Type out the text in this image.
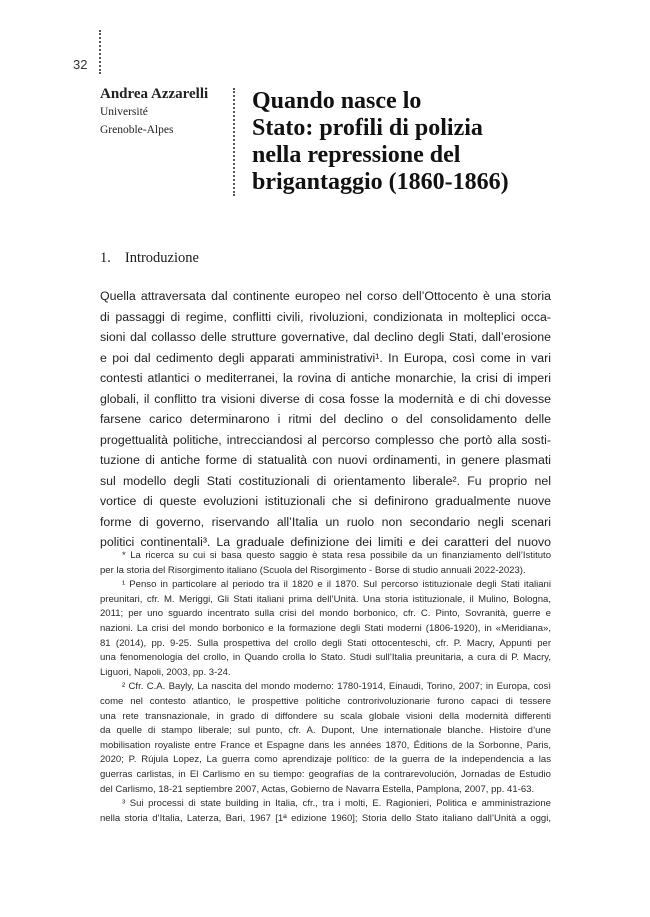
32
Andrea Azzarelli
Université
Grenoble-Alpes
Quando nasce lo
Stato: profili di polizia
nella repressione del
brigantaggio (1860-1866)
1. Introduzione
Quella attraversata dal continente europeo nel corso dell’Ottocento è una storia
di passaggi di regime, conflitti civili, rivoluzioni, condizionata in molteplici occa-
sioni dal collasso delle strutture governative, dal declino degli Stati, dall’erosione
e poi dal cedimento degli apparati amministrativi¹. In Europa, così come in vari
contesti atlantici o mediterranei, la rovina di antiche monarchie, la crisi di imperi
globali, il conflitto tra visioni diverse di cosa fosse la modernità e di chi dovesse
farsene carico determinarono i ritmi del declino o del consolidamento delle
progettualità politiche, intrecciandosi al percorso complesso che portò alla sosti-
tuzione di antiche forme di statualità con nuovi ordinamenti, in genere plasmati
sul modello degli Stati costituzionali di orientamento liberale². Fu proprio nel
vortice di queste evoluzioni istituzionali che si definirono gradualmente nuove
forme di governo, riservando all’Italia un ruolo non secondario negli scenari
politici continentali³. La graduale definizione dei limiti e dei caratteri del nuovo
* La ricerca su cui si basa questo saggio è stata resa possibile da un finanziamento dell’Istituto
per la storia del Risorgimento italiano (Scuola del Risorgimento - Borse di studio annuali 2022-2023).
¹ Penso in particolare al periodo tra il 1820 e il 1870. Sul percorso istituzionale degli Stati italiani
preunitari, cfr. M. Meriggi, Gli Stati italiani prima dell’Unità. Una storia istituzionale, il Mulino, Bologna,
2011; per uno sguardo incentrato sulla crisi del mondo borbonico, cfr. C. Pinto, Sovranità, guerre e
nazioni. La crisi del mondo borbonico e la formazione degli Stati moderni (1806-1920), in «Meridiana»,
81 (2014), pp. 9-25. Sulla prospettiva del crollo degli Stati ottocenteschi, cfr. P. Macry, Appunti per
una fenomenologia del crollo, in Quando crolla lo Stato. Studi sull’Italia preunitaria, a cura di P. Macry,
Liguori, Napoli, 2003, pp. 3-24.
² Cfr. C.A. Bayly, La nascita del mondo moderno: 1780-1914, Einaudi, Torino, 2007; in Europa, così
come nel contesto atlantico, le prospettive politiche controrivoluzionarie furono capaci di tessere
una rete transnazionale, in grado di diffondere su scala globale visioni della modernità differenti
da quelle di stampo liberale; sul punto, cfr. A. Dupont, Une internationale blanche. Histoire d’une
mobilisation royaliste entre France et Espagne dans les années 1870, Éditions de la Sorbonne, Paris,
2020; P. Rújula Lopez, La guerra como aprendizaje político: de la guerra de la independencia a las
guerras carlistas, in El Carlismo en su tiempo: geografías de la contrarevolución, Jornadas de Estudio
del Carlismo, 18-21 septiembre 2007, Actas, Gobierno de Navarra Estella, Pamplona, 2007, pp. 41-63.
³ Sui processi di state building in Italia, cfr., tra i molti, E. Ragionieri, Politica e amministrazione
nella storia d’Italia, Laterza, Bari, 1967 [1ª edizione 1960]; Storia dello Stato italiano dall’Unità a oggi,
